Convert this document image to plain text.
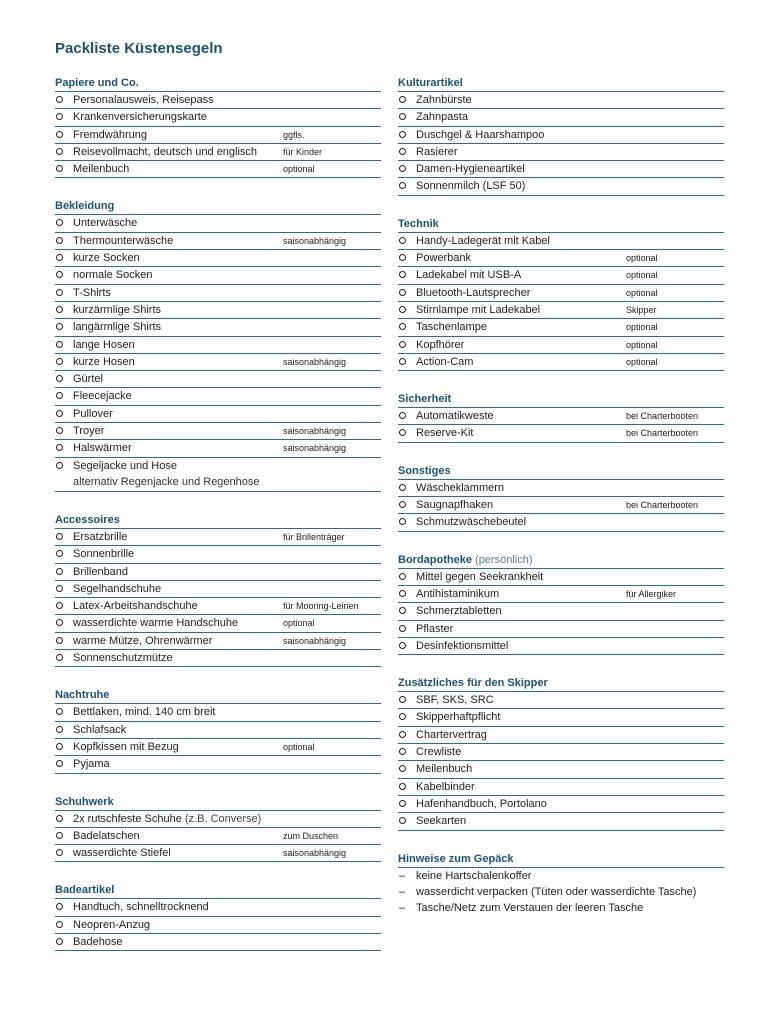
Packliste Küstensegeln
Papiere und Co.
Personalausweis, Reisepass
Krankenversicherungskarte
Fremdwährung	ggfls.
Reisevollmacht, deutsch und englisch	für Kinder
Meilenbuch	optional
Bekleidung
Unterwäsche
Thermounterwäsche	saisonabhängig
kurze Socken
normale Socken
T-Shirts
kurzärmlige Shirts
langärmlige Shirts
lange Hosen
kurze Hosen	saisonabhängig
Gürtel
Fleecejacke
Pullover
Troyer	saisonabhängig
Halswärmer	saisonabhängig
Segeljacke und Hose
alternativ Regenjacke und Regenhose
Accessoires
Ersatzbrille	für Brillenträger
Sonnenbrille
Brillenband
Segelhandschuhe
Latex-Arbeitshandschuhe	für Mooring-Leinen
wasserdichte warme Handschuhe	optional
warme Mütze, Ohrenwärmer	saisonabhängig
Sonnenschutzmütze
Nachtruhe
Bettlaken, mind. 140 cm breit
Schlafsack
Kopfkissen mit Bezug	optional
Pyjama
Schuhwerk
2x rutschfeste Schuhe (z.B. Converse)
Badelatschen	zum Duschen
wasserdichte Stiefel	saisonabhängig
Badeartikel
Handtuch, schnelltrocknend
Neopren-Anzug
Badehose
Kulturartikel
Zahnbürste
Zahnpasta
Duschgel & Haarshampoo
Rasierer
Damen-Hygieneartikel
Sonnenmilch (LSF 50)
Technik
Handy-Ladegerät mit Kabel
Powerbank	optional
Ladekabel mit USB-A	optional
Bluetooth-Lautsprecher	optional
Stirnlampe mit Ladekabel	Skipper
Taschenlampe	optional
Kopfhörer	optional
Action-Cam	optional
Sicherheit
Automatikweste	bei Charterbooten
Reserve-Kit	bei Charterbooten
Sonstiges
Wäscheklammern
Saugnapfhaken	bei Charterbooten
Schmutzwäschebeutel
Bordapotheke (persönlich)
Mittel gegen Seekrankheit
Antihistaminikum	für Allergiker
Schmerztabletten
Pflaster
Desinfektionsmittel
Zusätzliches für den Skipper
SBF, SKS, SRC
Skipperhaftpflicht
Chartervertrag
Crewliste
Meilenbuch
Kabelbinder
Hafenhandbuch, Portolano
Seekarten
Hinweise zum Gepäck
– keine Hartschalenkoffer
– wasserdicht verpacken (Tüten oder wasserdichte Tasche)
– Tasche/Netz zum Verstauen der leeren Tasche
